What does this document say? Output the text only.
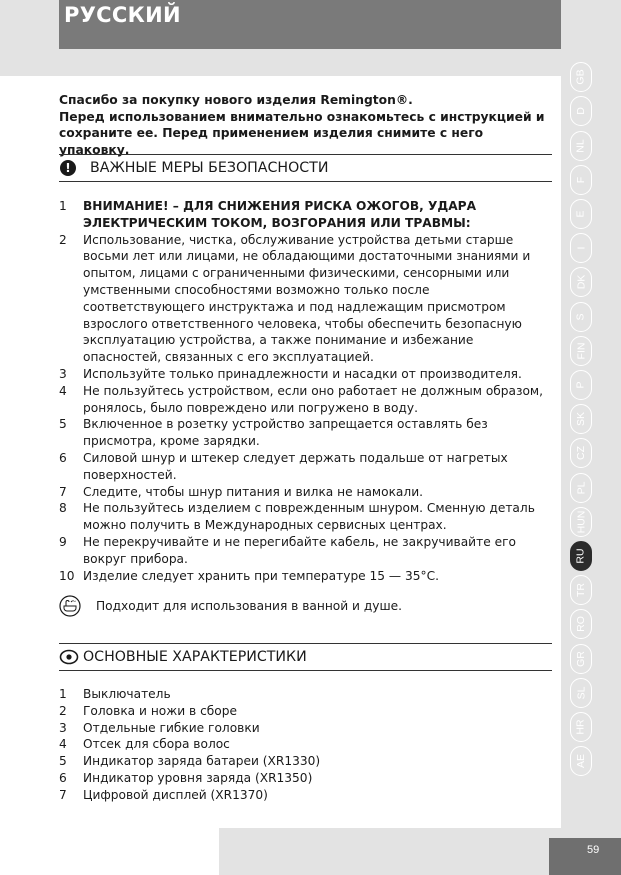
РУССКИЙ
GB
D
NL
F
E
I
DK
S
FIN
P
SK
CZ
PL
HUN
RU
TR
RO
GR
SL
HR
AE
59
Спасибо за покупку нового изделия Remington®.
Перед использованием внимательно ознакомьтесь с инструкцией и сохраните ее. Перед применением изделия снимите с него упаковку.
!	ВАЖНЫЕ МЕРЫ БЕЗОПАСНОСТИ
1	ВНИМАНИЕ! – ДЛЯ СНИЖЕНИЯ РИСКА ОЖОГОВ, УДАРА ЭЛЕКТРИЧЕСКИМ ТОКОМ, ВОЗГОРАНИЯ ИЛИ ТРАВМЫ:
2	Использование, чистка, обслуживание устройства детьми старше восьми лет или лицами, не обладающими достаточными знаниями и опытом, лицами с ограниченными физическими, сенсорными или умственными способностями возможно только после соответствующего инструктажа и под надлежащим присмотром взрослого ответственного человека, чтобы обеспечить безопасную эксплуатацию устройства, а также понимание и избежание опасностей, связанных с его эксплуатацией.
3	Используйте только принадлежности и насадки от производителя.
4	Не пользуйтесь устройством, если оно работает не должным образом, ронялось, было повреждено или погружено в воду.
5	Включенное в розетку устройство запрещается оставлять без присмотра, кроме зарядки.
6	Силовой шнур и штекер следует держать подальше от нагретых поверхностей.
7	Следите, чтобы шнур питания и вилка не намокали.
8	Не пользуйтесь изделием с поврежденным шнуром. Сменную деталь можно получить в Международных сервисных центрах.
9	Не перекручивайте и не перегибайте кабель, не закручивайте его вокруг прибора.
10 Изделие следует хранить при температуре 15 — 35°C.
Подходит для использования в ванной и душе.
ОСНОВНЫЕ ХАРАКТЕРИСТИКИ
1	Выключатель
2	Головка и ножи в сборе
3	Отдельные гибкие головки
4	Отсек для сбора волос
5	Индикатор заряда батареи (XR1330)
6	Индикатор уровня заряда (XR1350)
7	Цифровой дисплей (XR1370)
